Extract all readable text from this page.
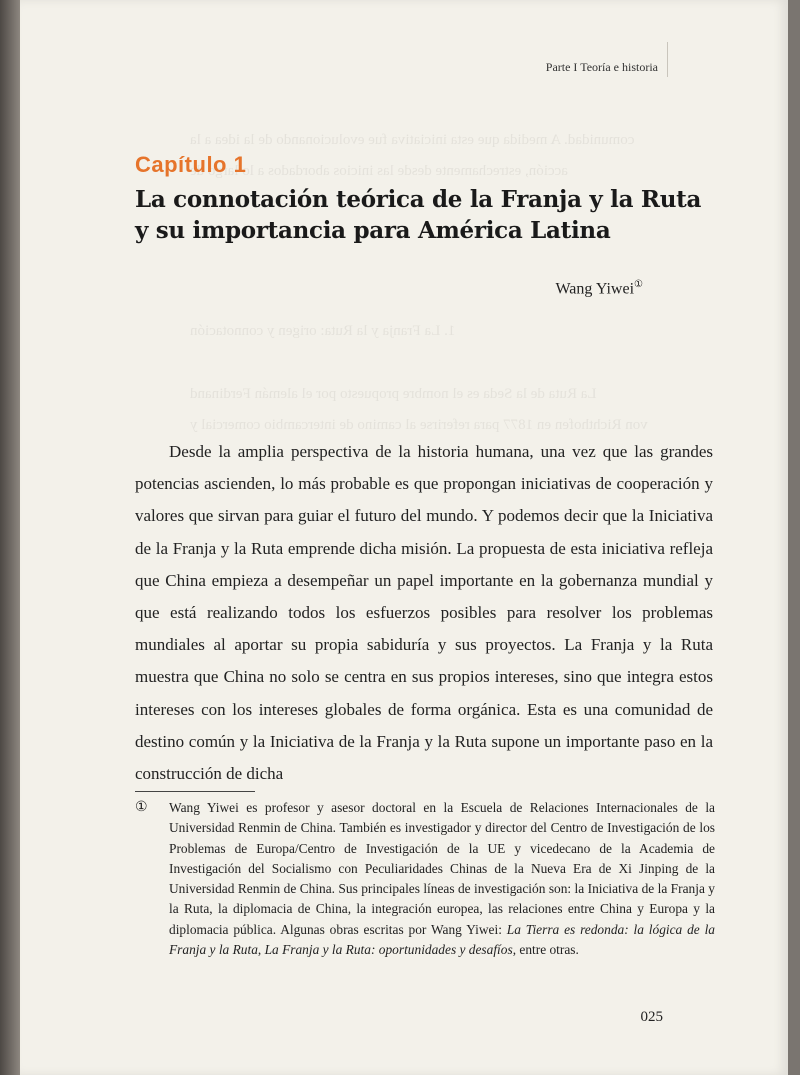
comunidad. A medida que esta iniciativa fue evolucionando de la idea a la
acción, estrechamente desde las inicios abordados a lo largo de
1. La Franja y la Ruta: origen y connotación
La Ruta de la Seda es el nombre propuesto por el alemán Ferdinand
von Richthofen en 1877 para referirse al camino de intercambio comercial y
Parte I Teoría e historia
Capítulo 1
La connotación teórica de la Franja y la Ruta
y su importancia para América Latina
Wang Yiwei①

Desde la amplia perspectiva de la historia humana, una vez que las grandes potencias ascienden, lo más probable es que propongan iniciativas de cooperación y valores que sirvan para guiar el futuro del mundo. Y podemos decir que la Iniciativa de la Franja y la Ruta emprende dicha misión. La propuesta de esta iniciativa refleja que China empieza a desempeñar un papel importante en la gobernanza mundial y que está realizando todos los esfuerzos posibles para resolver los problemas mundiales al aportar su propia sabiduría y sus proyectos. La Franja y la Ruta muestra que China no solo se centra en sus propios intereses, sino que integra estos intereses con los intereses globales de forma orgánica. Esta es una comunidad de destino común y la Iniciativa de la Franja y la Ruta supone un importante paso en la construcción de dicha

①	Wang Yiwei es profesor y asesor doctoral en la Escuela de Relaciones Internacionales de la Universidad Renmin de China. También es investigador y director del Centro de Investigación de los Problemas de Europa/Centro de Investigación de la UE y vicedecano de la Academia de Investigación del Socialismo con Peculiaridades Chinas de la Nueva Era de Xi Jinping de la Universidad Renmin de China. Sus principales líneas de investigación son: la Iniciativa de la Franja y la Ruta, la diplomacia de China, la integración europea, las relaciones entre China y Europa y la diplomacia pública. Algunas obras escritas por Wang Yiwei: La Tierra es redonda: la lógica de la Franja y la Ruta, La Franja y la Ruta: oportunidades y desafíos, entre otras.
025
